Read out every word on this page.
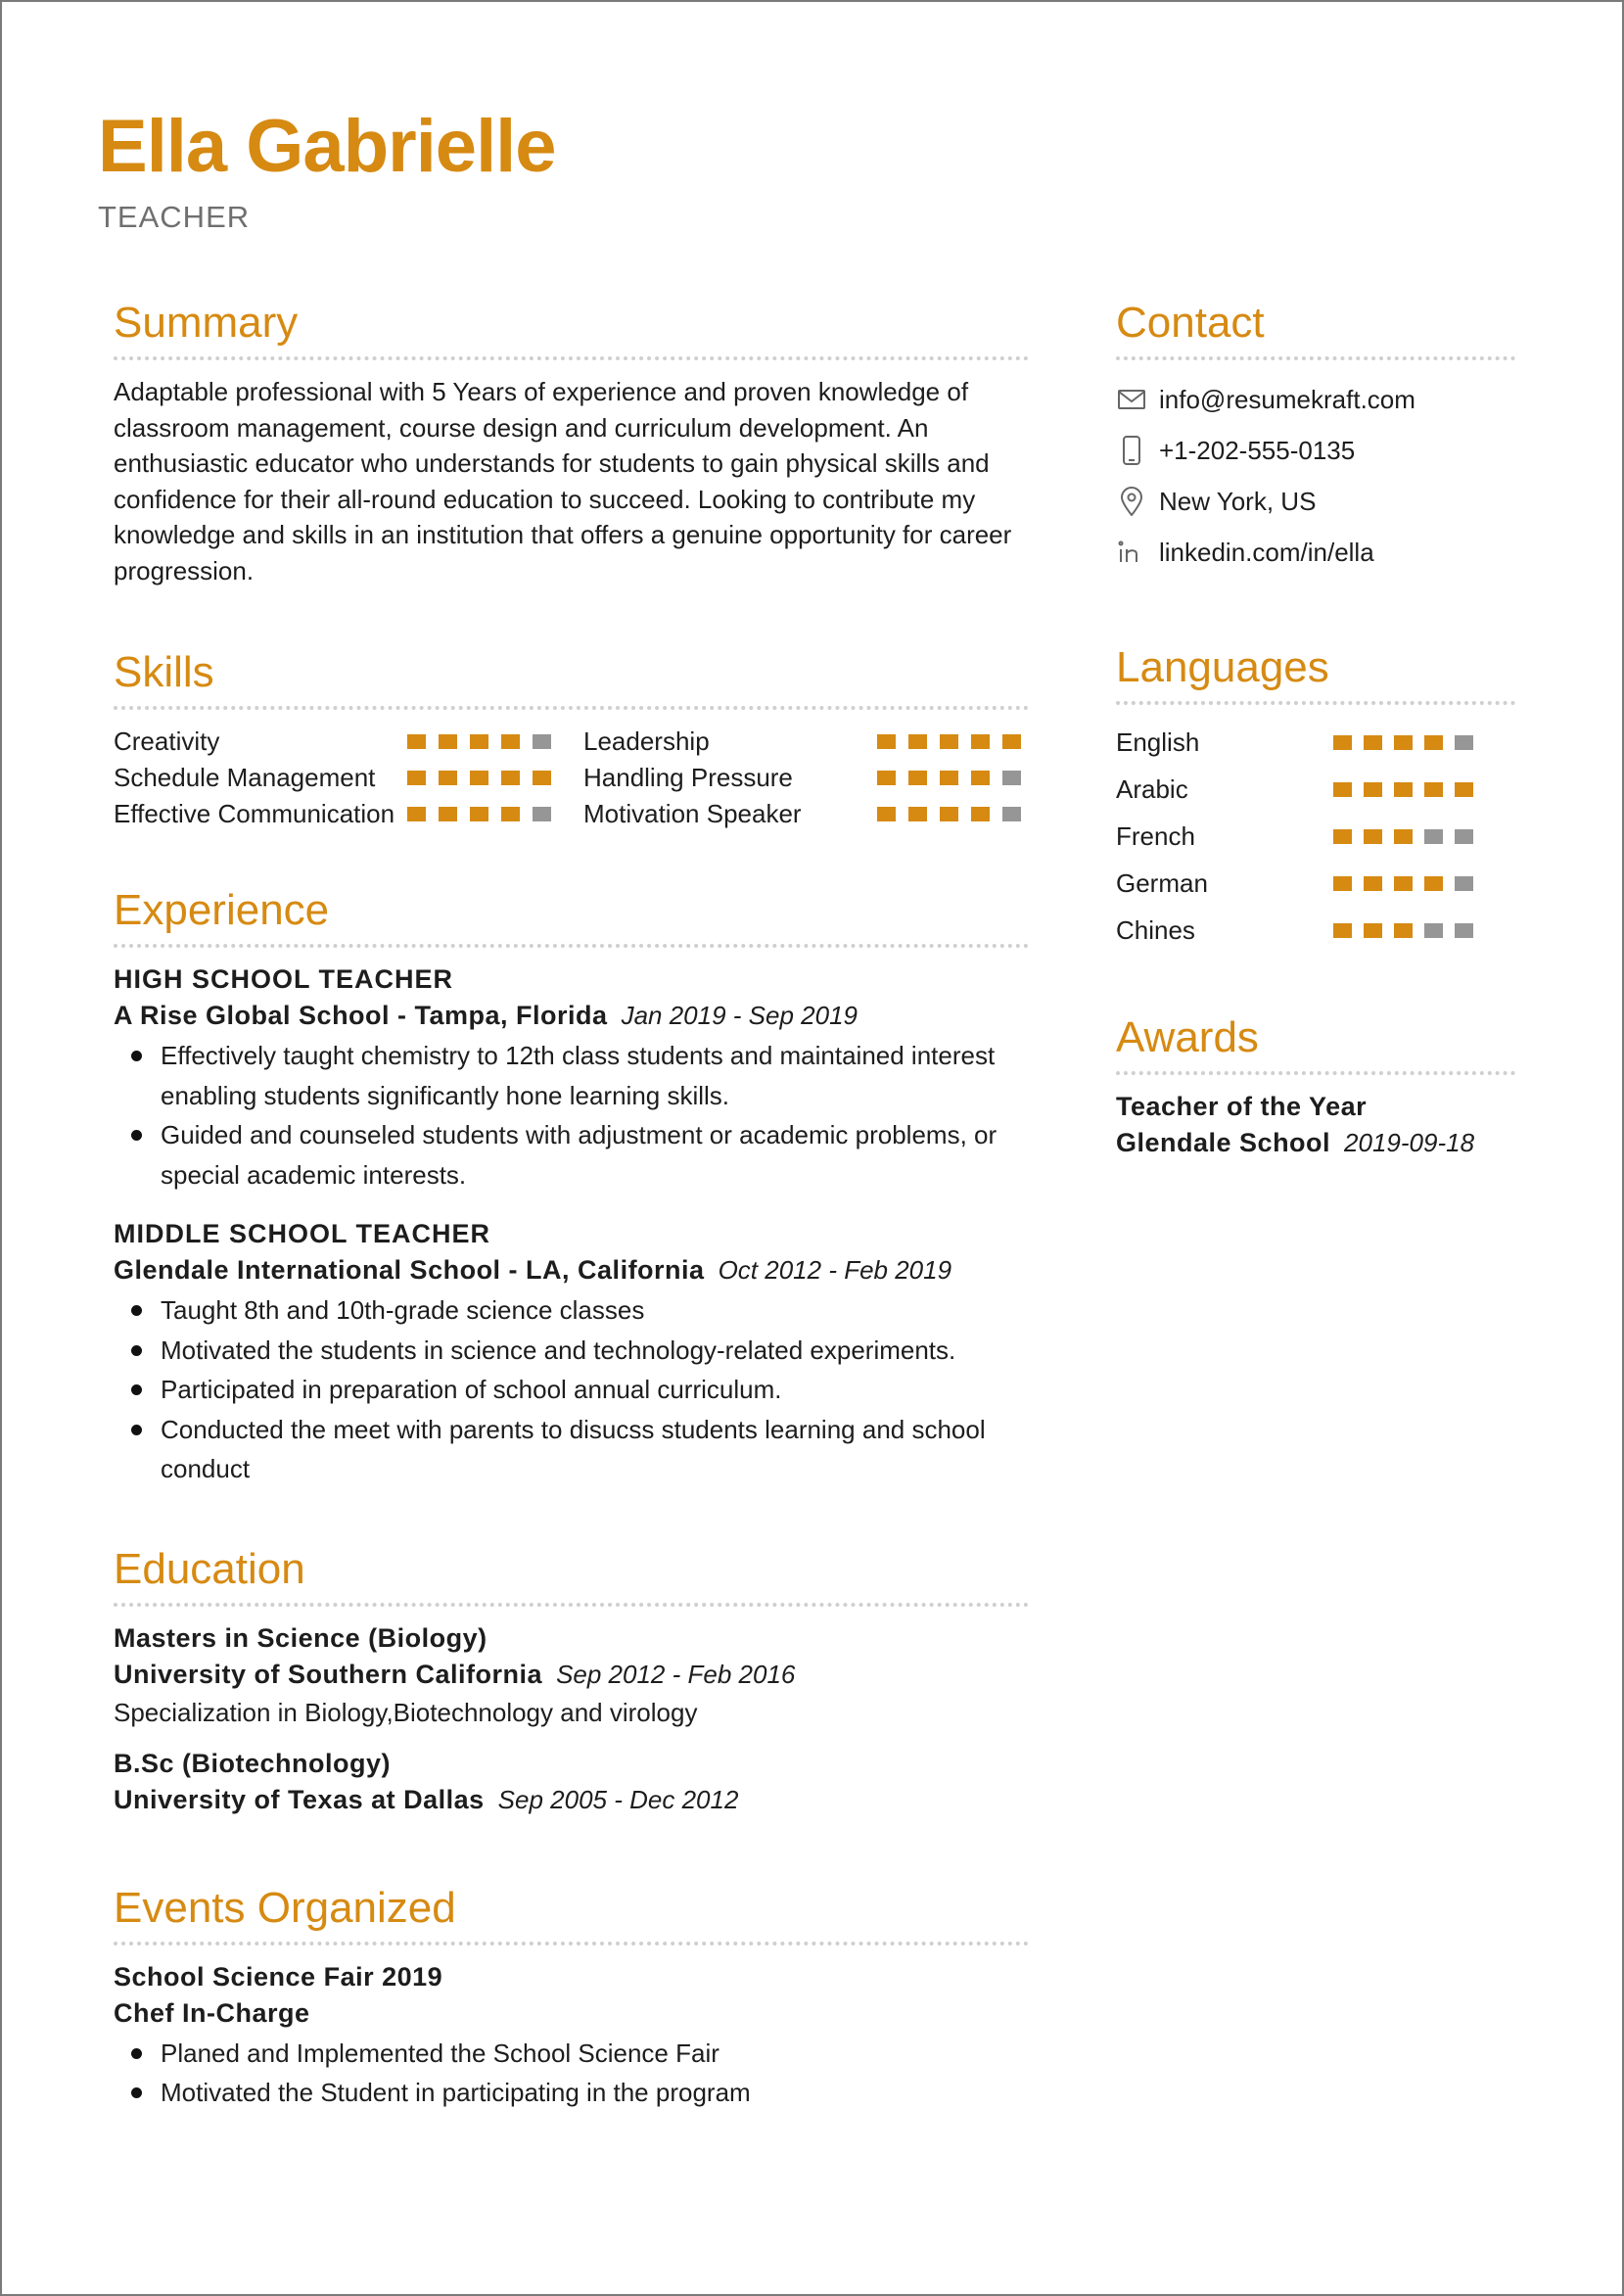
Ella Gabrielle
TEACHER
Summary

Adaptable professional with 5 Years of experience and proven knowledge of classroom management, course design and curriculum development. An enthusiastic educator who understands for students to gain physical skills and confidence for their all-round education to succeed. Looking to contribute my knowledge and skills in an institution that offers a genuine opportunity for career progression.

Skills
Creativity
Schedule Management
Effective Communication
Leadership
Handling Pressure
Motivation Speaker
Experience
HIGH SCHOOL TEACHER
A Rise Global School - Tampa, Florida Jan 2019 - Sep 2019
Effectively taught chemistry to 12th class students and maintained interest enabling students significantly hone learning skills.
Guided and counseled students with adjustment or academic problems, or special academic interests.
MIDDLE SCHOOL TEACHER
Glendale International School - LA, California Oct 2012 - Feb 2019
Taught 8th and 10th-grade science classes
Motivated the students in science and technology-related experiments.
Participated in preparation of school annual curriculum.
Conducted the meet with parents to disucss students learning and school conduct
Education
Masters in Science (Biology)
University of Southern California Sep 2012 - Feb 2016
Specialization in Biology,Biotechnology and virology
B.Sc (Biotechnology)
University of Texas at Dallas Sep 2005 - Dec 2012
Events Organized
School Science Fair 2019
Chef In-Charge
Planed and Implemented the School Science Fair
Motivated the Student in participating in the program
Contact
info@resumekraft.com
+1-202-555-0135
New York, US
linkedin.com/in/ella
Languages
English
Arabic
French
German
Chines
Awards
Teacher of the Year
Glendale School 2019-09-18
